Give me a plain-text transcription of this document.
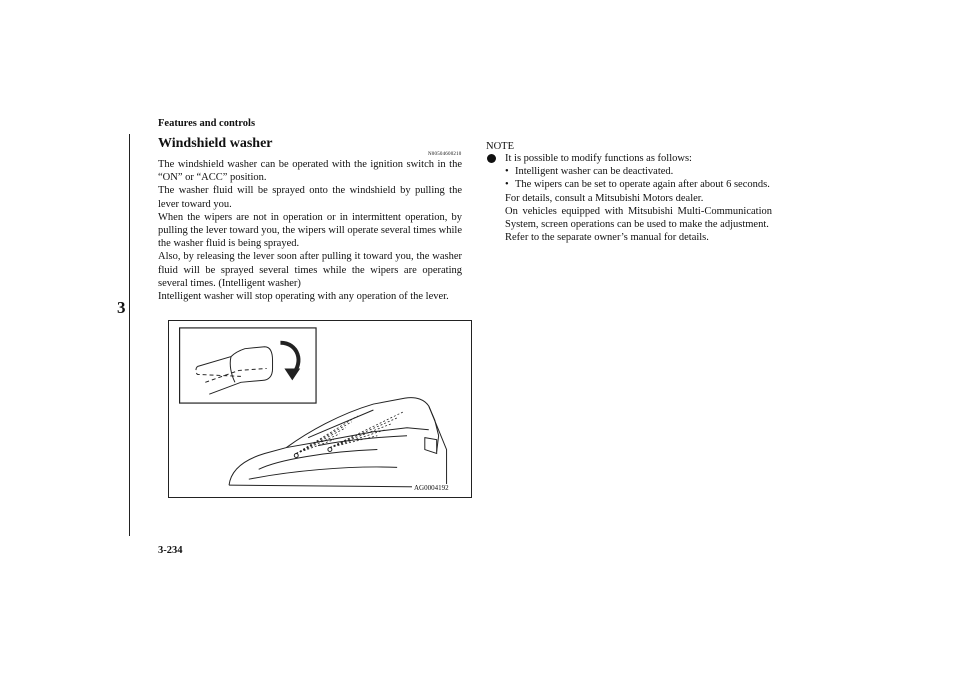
Features and controls
3
Windshield washer
N00504600210

The windshield washer can be operated with the ignition switch in the “ON” or “ACC” position.

The washer fluid will be sprayed onto the windshield by pulling the lever toward you.

When the wipers are not in operation or in intermittent operation, by pulling the lever toward you, the wipers will operate several times while the washer fluid is being sprayed.

Also, by releasing the lever soon after pulling it toward you, the washer fluid will be sprayed several times while the wipers are operating several times. (Intelligent washer)

Intelligent washer will stop operating with any operation of the lever.

AG0004192
NOTE
It is possible to modify functions as follows:
• Intelligent washer can be deactivated.
• The wipers can be set to operate again after about 6 seconds.
For details, consult a Mitsubishi Motors dealer.
On vehicles equipped with Mitsubishi Multi-Communication System, screen operations can be used to make the adjustment.
Refer to the separate owner’s manual for details.
3-234
